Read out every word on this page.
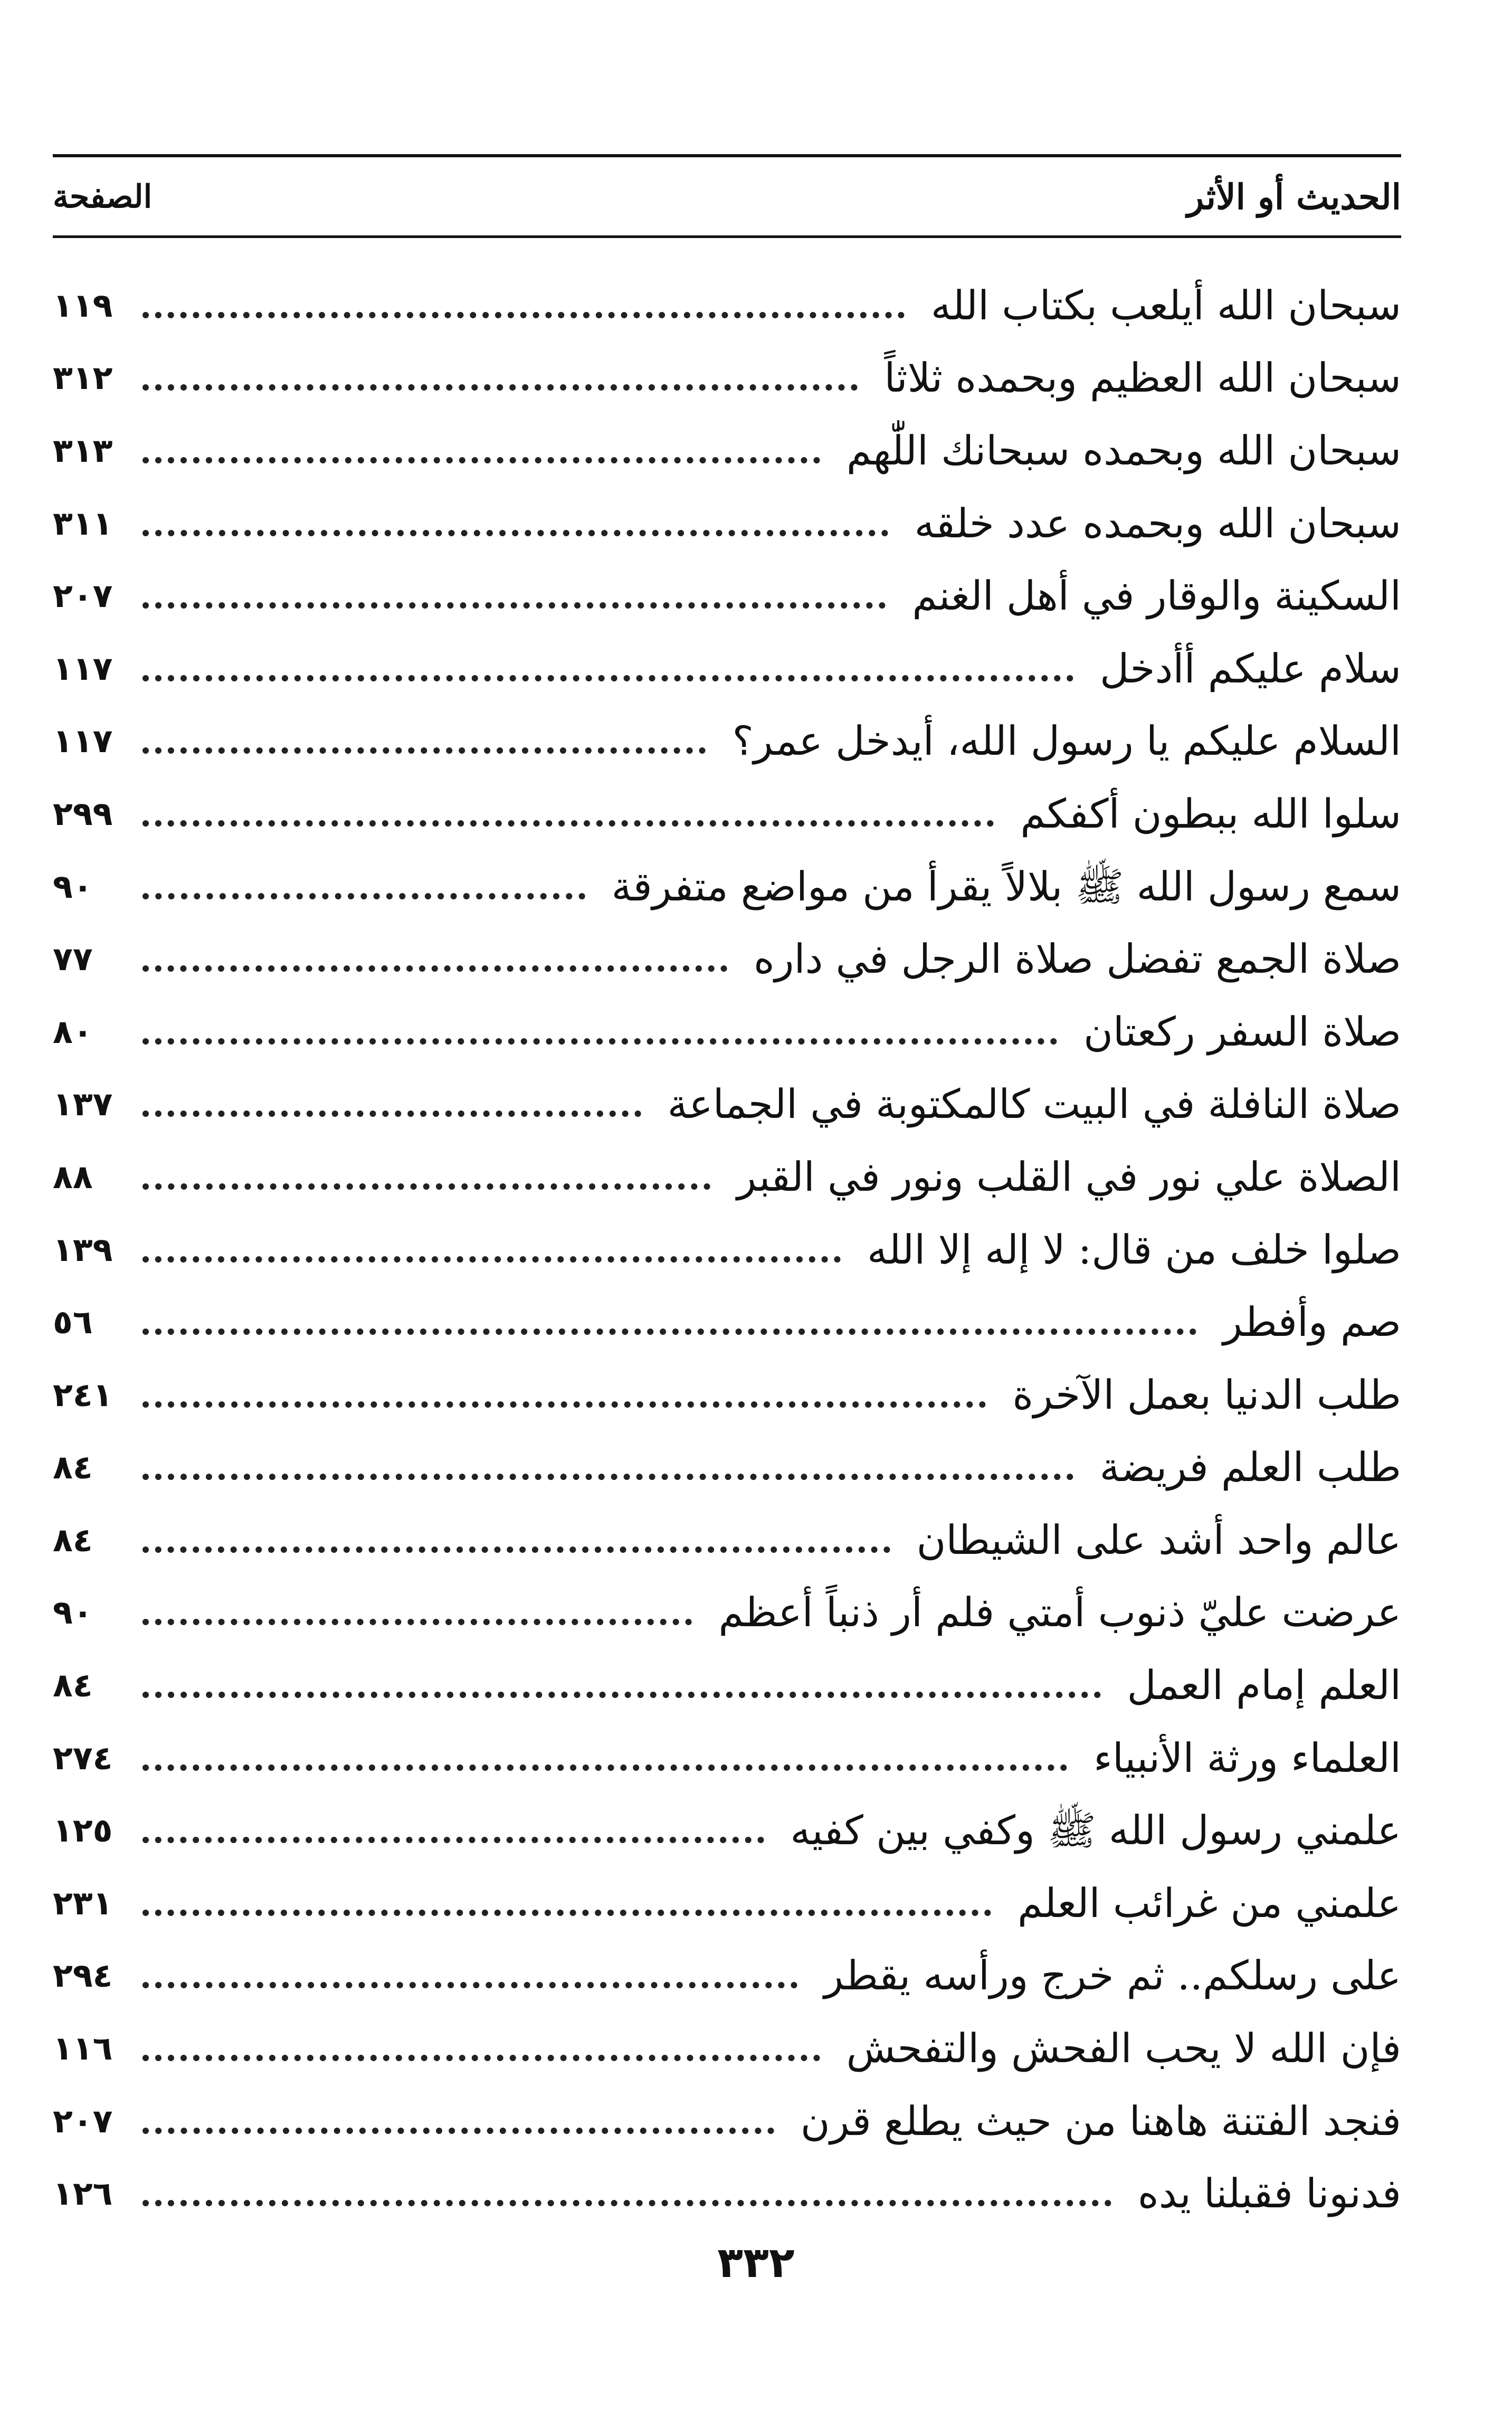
الحديث أو الأثر
الصفحة
سبحان الله أيلعب بكتاب الله
١١٩
سبحان الله العظيم وبحمده ثلاثاً
٣١٢
سبحان الله وبحمده سبحانك اللّٰهم
٣١٣
سبحان الله وبحمده عدد خلقه
٣١١
السكينة والوقار في أهل الغنم
٢٠٧
سلام عليكم أأدخل
١١٧
السلام عليكم يا رسول الله، أيدخل عمر؟
١١٧
سلوا الله ببطون أكفكم
٢٩٩
سمع رسول الله ﷺ بلالاً يقرأ من مواضع متفرقة
٩٠
صلاة الجمع تفضل صلاة الرجل في داره
٧٧
صلاة السفر ركعتان
٨٠
صلاة النافلة في البيت كالمكتوبة في الجماعة
١٣٧
الصلاة علي نور في القلب ونور في القبر
٨٨
صلوا خلف من قال: لا إله إلا الله
١٣٩
صم وأفطر
٥٦
طلب الدنيا بعمل الآخرة
٢٤١
طلب العلم فريضة
٨٤
عالم واحد أشد على الشيطان
٨٤
عرضت عليّ ذنوب أمتي فلم أر ذنباً أعظم
٩٠
العلم إمام العمل
٨٤
العلماء ورثة الأنبياء
٢٧٤
علمني رسول الله ﷺ وكفي بين كفيه
١٢٥
علمني من غرائب العلم
٢٣١
على رسلكم.. ثم خرج ورأسه يقطر
٢٩٤
فإن الله لا يحب الفحش والتفحش
١١٦
فنجد الفتنة هاهنا من حيث يطلع قرن
٢٠٧
فدنونا فقبلنا يده
١٢٦
٣٣٢
